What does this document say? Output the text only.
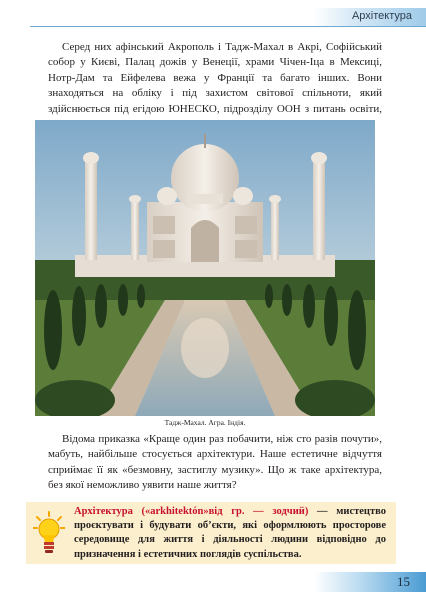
Архітектура

Серед них афінський Акрополь і Тадж-Махал в Акрі, Софійський собор у Києві, Палац дожів у Венеції, храми Чічен-Іца в Мексиці, Нотр-Дам та Ейфелева вежа у Франції та багато інших. Вони знаходяться на обліку і під захистом світової спільноти, який здійснюється під егідою ЮНЕСКО, підрозділу ООН з питань освіти,

Тадж-Махал. Агра. Індія.

Відома приказка «Краще один раз побачити, ніж сто разів почути», мабуть, найбільше стосується архітектури. Наше естетичне відчуття сприймає її як «безмовну, застиглу музику». Що ж таке архітектура, без якої неможливо уявити наше життя?

Архітектура («arkhitektón»від гр. — зодчий) — мистецтво проєктувати і будувати об’єкти, які оформлюють просторове середовище для життя і діяльності людини відповідно до призначення і естетичних поглядів суспільства.

15
